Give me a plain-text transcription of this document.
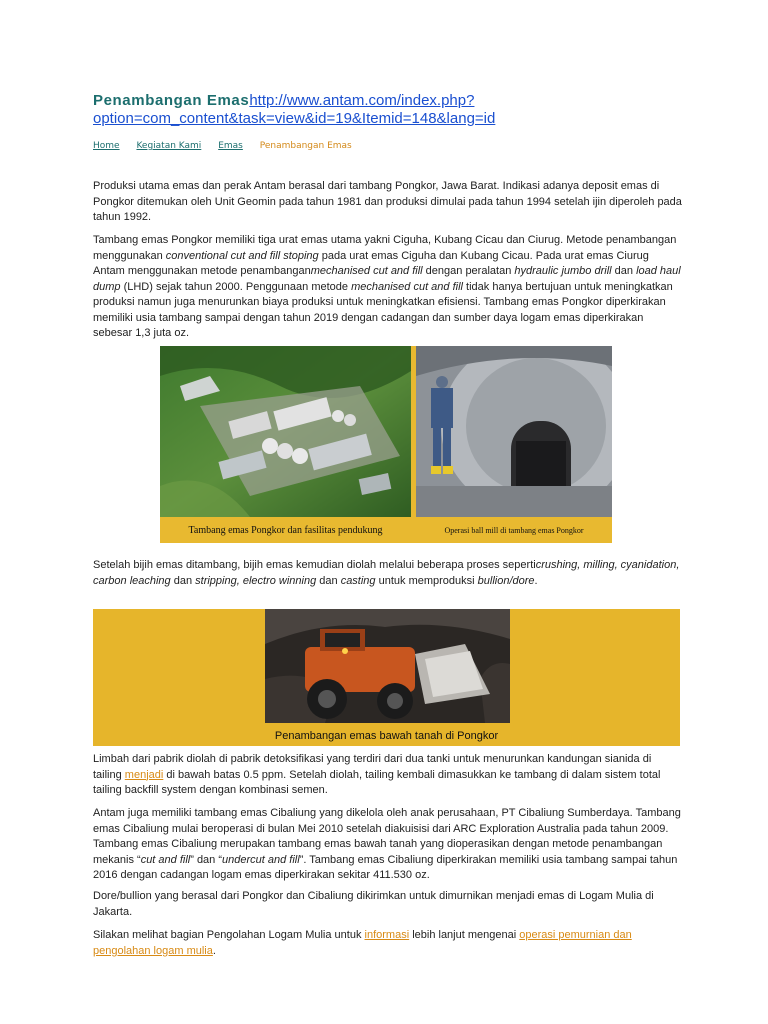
Penambangan Emashttp://www.antam.com/index.php?option=com_content&task=view&id=19&Itemid=148&lang=id
Home Kegiatan Kami Emas Penambangan Emas

Produksi utama emas dan perak Antam berasal dari tambang Pongkor, Jawa Barat. Indikasi adanya deposit emas di Pongkor ditemukan oleh Unit Geomin pada tahun 1981 dan produksi dimulai pada tahun 1994 setelah ijin diperoleh pada tahun 1992.

Tambang emas Pongkor memiliki tiga urat emas utama yakni Ciguha, Kubang Cicau dan Ciurug. Metode penambangan menggunakan conventional cut and fill stoping pada urat emas Ciguha dan Kubang Cicau. Pada urat emas Ciurug Antam menggunakan metode penambanganmechanised cut and fill dengan peralatan hydraulic jumbo drill dan load haul dump (LHD) sejak tahun 2000. Penggunaan metode mechanised cut and fill tidak hanya bertujuan untuk meningkatkan produksi namun juga menurunkan biaya produksi untuk meningkatkan efisiensi. Tambang emas Pongkor diperkirakan memiliki usia tambang sampai dengan tahun 2019 dengan cadangan dan sumber daya logam emas diperkirakan sebesar 1,3 juta oz.

Tambang emas Pongkor dan fasilitas pendukung	Operasi ball mill di tambang emas Pongkor

Setelah bijih emas ditambang, bijih emas kemudian diolah melalui beberapa proses seperticrushing, milling, cyanidation, carbon leaching dan stripping, electro winning dan casting untuk memproduksi bullion/dore.

Penambangan emas bawah tanah di Pongkor

Limbah dari pabrik diolah di pabrik detoksifikasi yang terdiri dari dua tanki untuk menurunkan kandungan sianida di tailing menjadi di bawah batas 0.5 ppm. Setelah diolah, tailing kembali dimasukkan ke tambang di dalam sistem total tailing backfill system dengan kombinasi semen.

Antam juga memiliki tambang emas Cibaliung yang dikelola oleh anak perusahaan, PT Cibaliung Sumberdaya. Tambang emas Cibaliung mulai beroperasi di bulan Mei 2010 setelah diakuisisi dari ARC Exploration Australia pada tahun 2009. Tambang emas Cibaliung merupakan tambang emas bawah tanah yang dioperasikan dengan metode penambangan mekanis “cut and fill” dan “undercut and fill”. Tambang emas Cibaliung diperkirakan memiliki usia tambang sampai tahun 2016 dengan cadangan logam emas diperkirakan sekitar 411.530 oz.

Dore/bullion yang berasal dari Pongkor dan Cibaliung dikirimkan untuk dimurnikan menjadi emas di Logam Mulia di Jakarta.

Silakan melihat bagian Pengolahan Logam Mulia untuk informasi lebih lanjut mengenai operasi pemurnian dan pengolahan logam mulia.
